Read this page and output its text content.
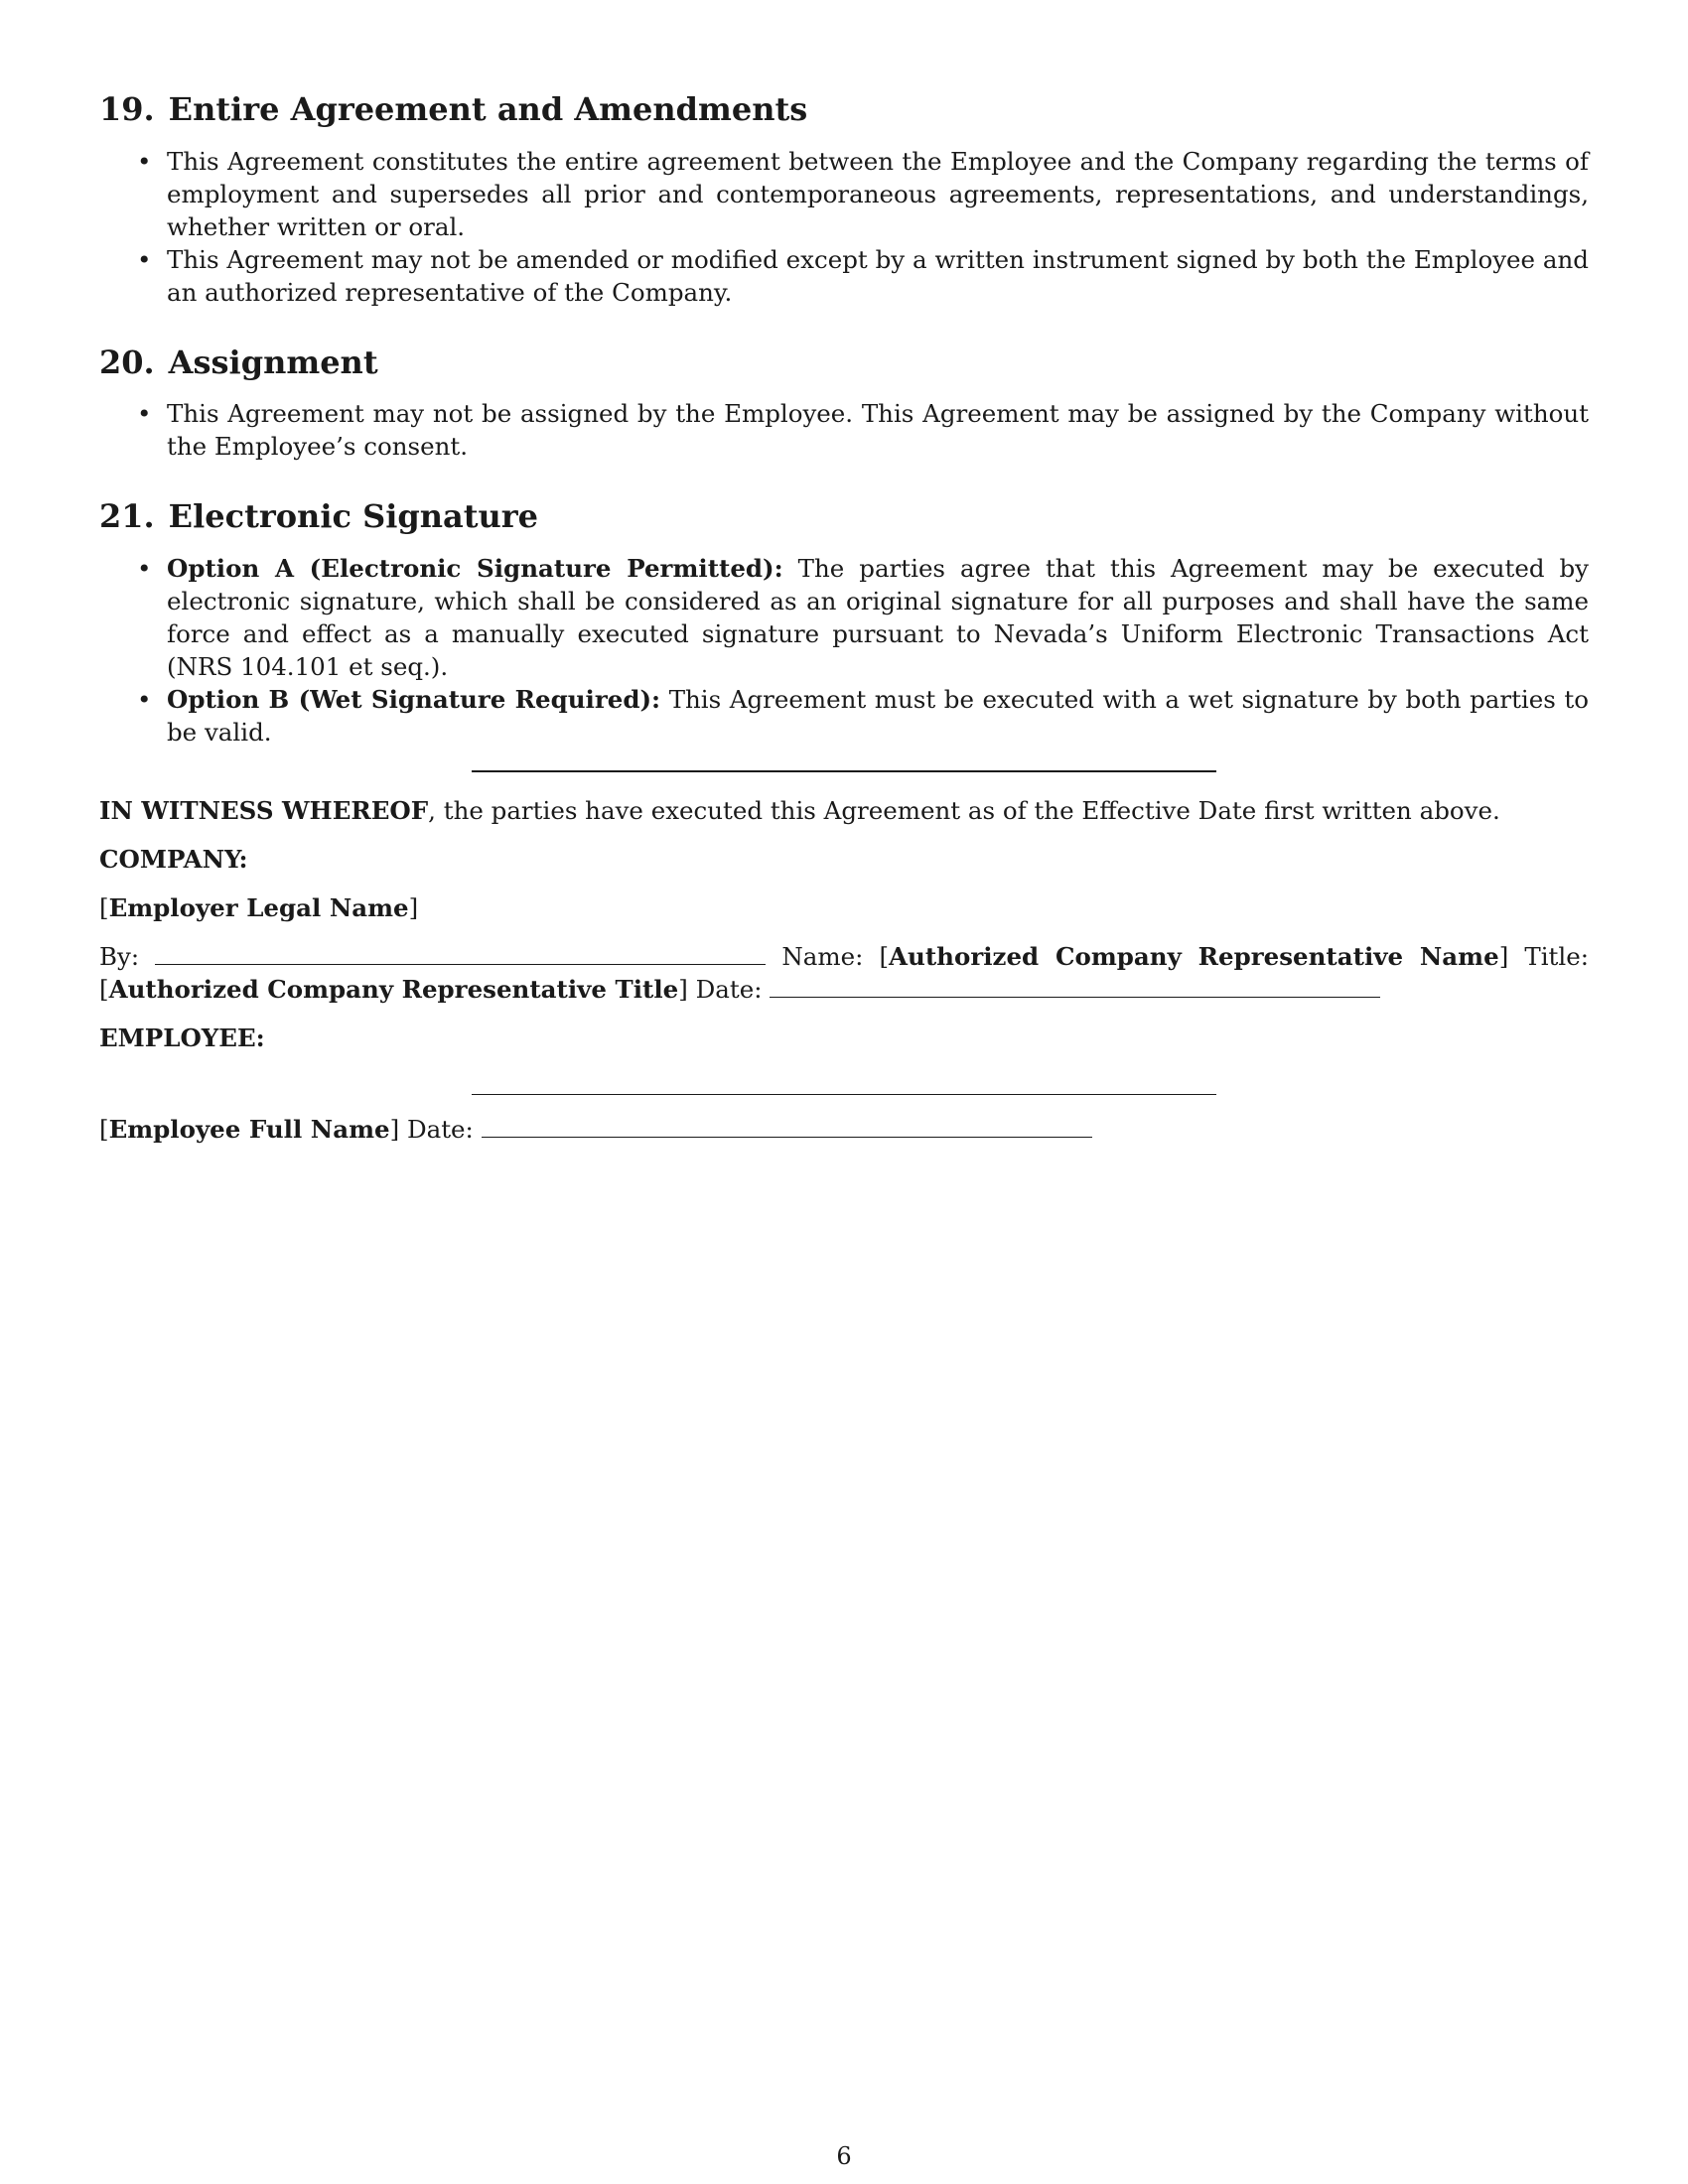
19. Entire Agreement and Amendments
• This Agreement constitutes the entire agreement between the Employee and the Company regarding the terms of employment and supersedes all prior and contemporaneous agreements, representations, and understandings, whether written or oral.
• This Agreement may not be amended or modified except by a written instrument signed by both the Employee and an authorized representative of the Company.
20. Assignment
• This Agreement may not be assigned by the Employee. This Agreement may be assigned by the Company without the Employee’s consent.
21. Electronic Signature
• Option A (Electronic Signature Permitted): The parties agree that this Agreement may be executed by electronic signature, which shall be considered as an original signature for all purposes and shall have the same force and effect as a manually executed signature pursuant to Nevada’s Uniform Electronic Transactions Act (NRS 104.101 et seq.).
• Option B (Wet Signature Required): This Agreement must be executed with a wet signature by both parties to be valid.

IN WITNESS WHEREOF, the parties have executed this Agreement as of the Effective Date first written above.

COMPANY:

[Employer Legal Name]

By:	Name: [Authorized Company Representative Name] Title: [Authorized Company Representative Title] Date:

EMPLOYEE:

[Employee Full Name] Date:

6
